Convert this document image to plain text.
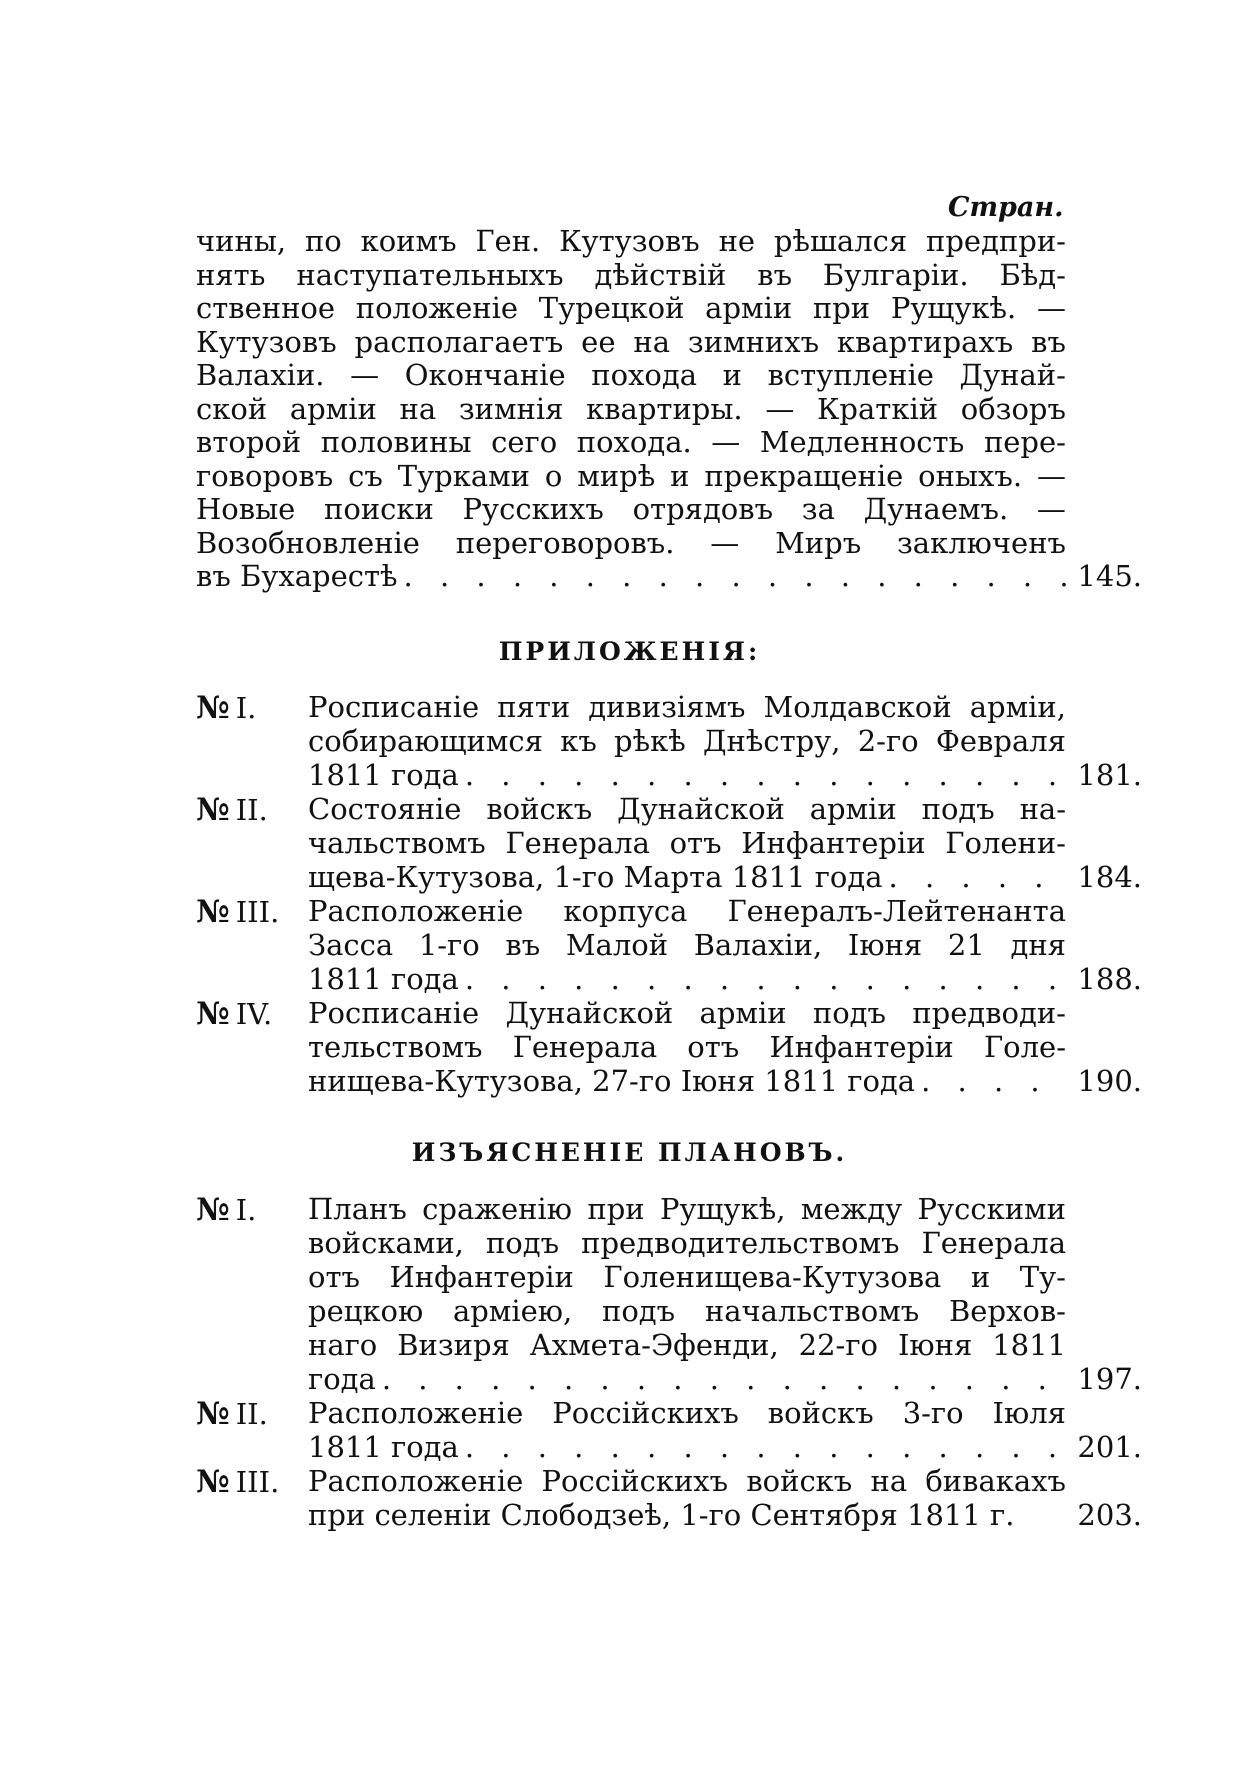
Стран.
чины, по коимъ Ген. Кутузовъ не рѣшался предпри-
нять наступательныхъ дѣйствій въ Булгаріи. Бѣд-
ственное положеніе Турецкой арміи при Рущукѣ. —
Кутузовъ располагаетъ ее на зимнихъ квартирахъ въ
Валахіи. — Окончаніе похода и вступленіе Дунай-
ской арміи на зимнія квартиры. — Краткій обзоръ
второй половины сего похода. — Медленность пере-
говоровъ съ Турками о мирѣ и прекращеніе оныхъ. —
Новые поиски Русскихъ отрядовъ за Дунаемъ. —
Возобновленіе переговоровъ. — Миръ заключенъ
въ Бухарестѣ . . .	145.
ПРИЛОЖЕНІЯ:
№ I. Росписаніе пяти дивизіямъ Молдавской арміи,
собирающимся къ рѣкѣ Днѣстру, 2-го Февраля
1811 года . . .	181.
№ II. Состояніе войскъ Дунайской арміи подъ на-
чальствомъ Генерала отъ Инфантеріи Голени-
щева-Кутузова, 1-го Марта 1811 года . . .	184.
№ III. Расположеніе корпуса Генералъ-Лейтенанта
Засса 1-го въ Малой Валахіи, Іюня 21 дня
1811 года . . .	188.
№ IV. Росписаніе Дунайской арміи подъ предводи-
тельствомъ Генерала отъ Инфантеріи Голе-
нищева-Кутузова, 27-го Іюня 1811 года . . .	190.
ИЗЪЯСНЕНІЕ ПЛАНОВЪ.
№ I. Планъ сраженію при Рущукѣ, между Русскими
войсками, подъ предводительствомъ Генерала
отъ Инфантеріи Голенищева-Кутузова и Ту-
рецкою арміею, подъ начальствомъ Верхов-
наго Визиря Ахмета-Эфенди, 22-го Іюня 1811
года . . .	197.
№ II. Расположеніе Россійскихъ войскъ 3-го Іюля
1811 года . . .	201.
№ III. Расположеніе Россійскихъ войскъ на бивакахъ
при селеніи Слободзеѣ, 1-го Сентября 1811 г.	203.
